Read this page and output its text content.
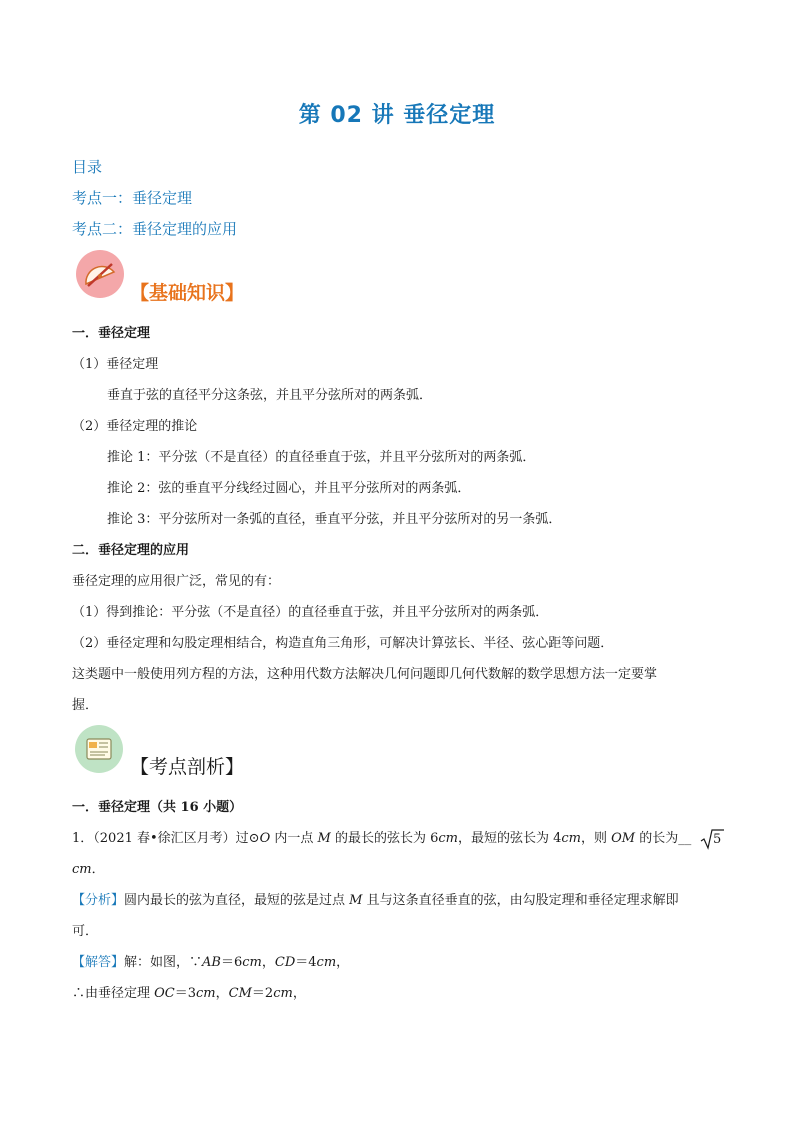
第 02 讲 垂径定理
目录
考点一：垂径定理
考点二：垂径定理的应用
【基础知识】
一．垂径定理
（1）垂径定理
垂直于弦的直径平分这条弦，并且平分弦所对的两条弧．
（2）垂径定理的推论
推论 1：平分弦（不是直径）的直径垂直于弦，并且平分弦所对的两条弧．
推论 2：弦的垂直平分线经过圆心，并且平分弦所对的两条弧．
推论 3：平分弦所对一条弧的直径，垂直平分弦，并且平分弦所对的另一条弧．
二．垂径定理的应用
垂径定理的应用很广泛，常见的有：
（1）得到推论：平分弦（不是直径）的直径垂直于弦，并且平分弦所对的两条弧．
（2）垂径定理和勾股定理相结合，构造直角三角形，可解决计算弦长、半径、弦心距等问题．
这类题中一般使用列方程的方法，这种用代数方法解决几何问题即几何代数解的数学思想方法一定要掌
握．
【考点剖析】
一．垂径定理（共 16 小题）
1．（2021 春•徐汇区月考）过⊙O 内一点 M 的最长的弦长为 6cm，最短的弦长为 4cm，则 OM 的长为__ 5
cm．
【分析】圆内最长的弦为直径，最短的弦是过点 M 且与这条直径垂直的弦，由勾股定理和垂径定理求解即
可．
【解答】解：如图，∵AB＝6cm，CD＝4cm，
∴由垂径定理 OC＝3cm，CM＝2cm，
